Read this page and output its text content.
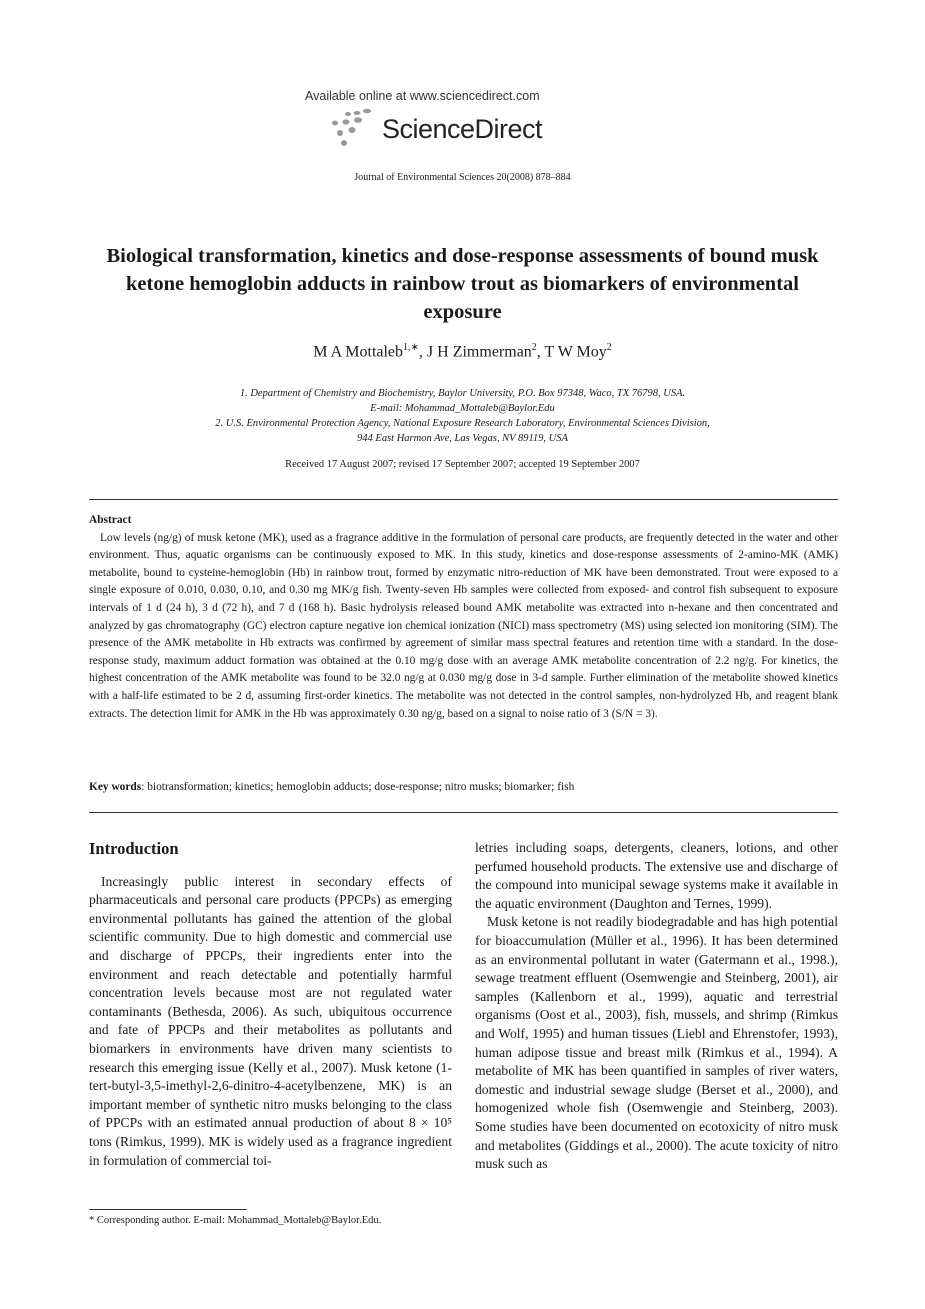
Available online at www.sciencedirect.com
ScienceDirect
Journal of Environmental Sciences 20(2008) 878–884
Biological transformation, kinetics and dose-response assessments of bound musk ketone hemoglobin adducts in rainbow trout as biomarkers of environmental exposure
M A Mottaleb$^{1,∗}$, J H Zimmerman$^2$, T W Moy$^2$
1. Department of Chemistry and Biochemistry, Baylor University, P.O. Box 97348, Waco, TX 76798, USA.
E-mail: Mohammad_Mottaleb@Baylor.Edu
2. U.S. Environmental Protection Agency, National Exposure Research Laboratory, Environmental Sciences Division,
944 East Harmon Ave, Las Vegas, NV 89119, USA
Received 17 August 2007; revised 17 September 2007; accepted 19 September 2007
Abstract

Low levels (ng/g) of musk ketone (MK), used as a fragrance additive in the formulation of personal care products, are frequently detected in the water and other environment. Thus, aquatic organisms can be continuously exposed to MK. In this study, kinetics and dose-response assessments of 2-amino-MK (AMK) metabolite, bound to cysteine-hemoglobin (Hb) in rainbow trout, formed by enzymatic nitro-reduction of MK have been demonstrated. Trout were exposed to a single exposure of 0.010, 0.030, 0.10, and 0.30 mg MK/g fish. Twenty-seven Hb samples were collected from exposed- and control fish subsequent to exposure intervals of 1 d (24 h), 3 d (72 h), and 7 d (168 h). Basic hydrolysis released bound AMK metabolite was extracted into n-hexane and then concentrated and analyzed by gas chromatography (GC) electron capture negative ion chemical ionization (NICI) mass spectrometry (MS) using selected ion monitoring (SIM). The presence of the AMK metabolite in Hb extracts was confirmed by agreement of similar mass spectral features and retention time with a standard. In the dose-response study, maximum adduct formation was obtained at the 0.10 mg/g dose with an average AMK metabolite concentration of 2.2 ng/g. For kinetics, the highest concentration of the AMK metabolite was found to be 32.0 ng/g at 0.030 mg/g dose in 3-d sample. Further elimination of the metabolite showed kinetics with a half-life estimated to be 2 d, assuming first-order kinetics. The metabolite was not detected in the control samples, non-hydrolyzed Hb, and reagent blank extracts. The detection limit for AMK in the Hb was approximately 0.30 ng/g, based on a signal to noise ratio of 3 (S/N = 3).

Key words: biotransformation; kinetics; hemoglobin adducts; dose-response; nitro musks; biomarker; fish
Introduction

Increasingly public interest in secondary effects of pharmaceuticals and personal care products (PPCPs) as emerging environmental pollutants has gained the attention of the global scientific community. Due to high domestic and commercial use and discharge of PPCPs, their ingredients enter into the environment and reach detectable and potentially harmful concentration levels because most are not regulated water contaminants (Bethesda, 2006). As such, ubiquitous occurrence and fate of PPCPs and their metabolites as pollutants and biomarkers in environments have driven many scientists to research this emerging issue (Kelly et al., 2007). Musk ketone (1-tert-butyl-3,5-imethyl-2,6-dinitro-4-acetylbenzene, MK) is an important member of synthetic nitro musks belonging to the class of PPCPs with an estimated annual production of about 8 × 10⁵ tons (Rimkus, 1999). MK is widely used as a fragrance ingredient in formulation of commercial toi-

letries including soaps, detergents, cleaners, lotions, and other perfumed household products. The extensive use and discharge of the compound into municipal sewage systems make it available in the aquatic environment (Daughton and Ternes, 1999).

Musk ketone is not readily biodegradable and has high potential for bioaccumulation (Müller et al., 1996). It has been determined as an environmental pollutant in water (Gatermann et al., 1998.), sewage treatment effluent (Osemwengie and Steinberg, 2001), air samples (Kallenborn et al., 1999), aquatic and terrestrial organisms (Oost et al., 2003), fish, mussels, and shrimp (Rimkus and Wolf, 1995) and human tissues (Liebl and Ehrenstofer, 1993), human adipose tissue and breast milk (Rimkus et al., 1994). A metabolite of MK has been quantified in samples of river waters, domestic and industrial sewage sludge (Berset et al., 2000), and homogenized whole fish (Osemwengie and Steinberg, 2003). Some studies have been documented on ecotoxicity of nitro musk and metabolites (Giddings et al., 2000). The acute toxicity of nitro musk such as

* Corresponding author. E-mail: Mohammad_Mottaleb@Baylor.Edu.
